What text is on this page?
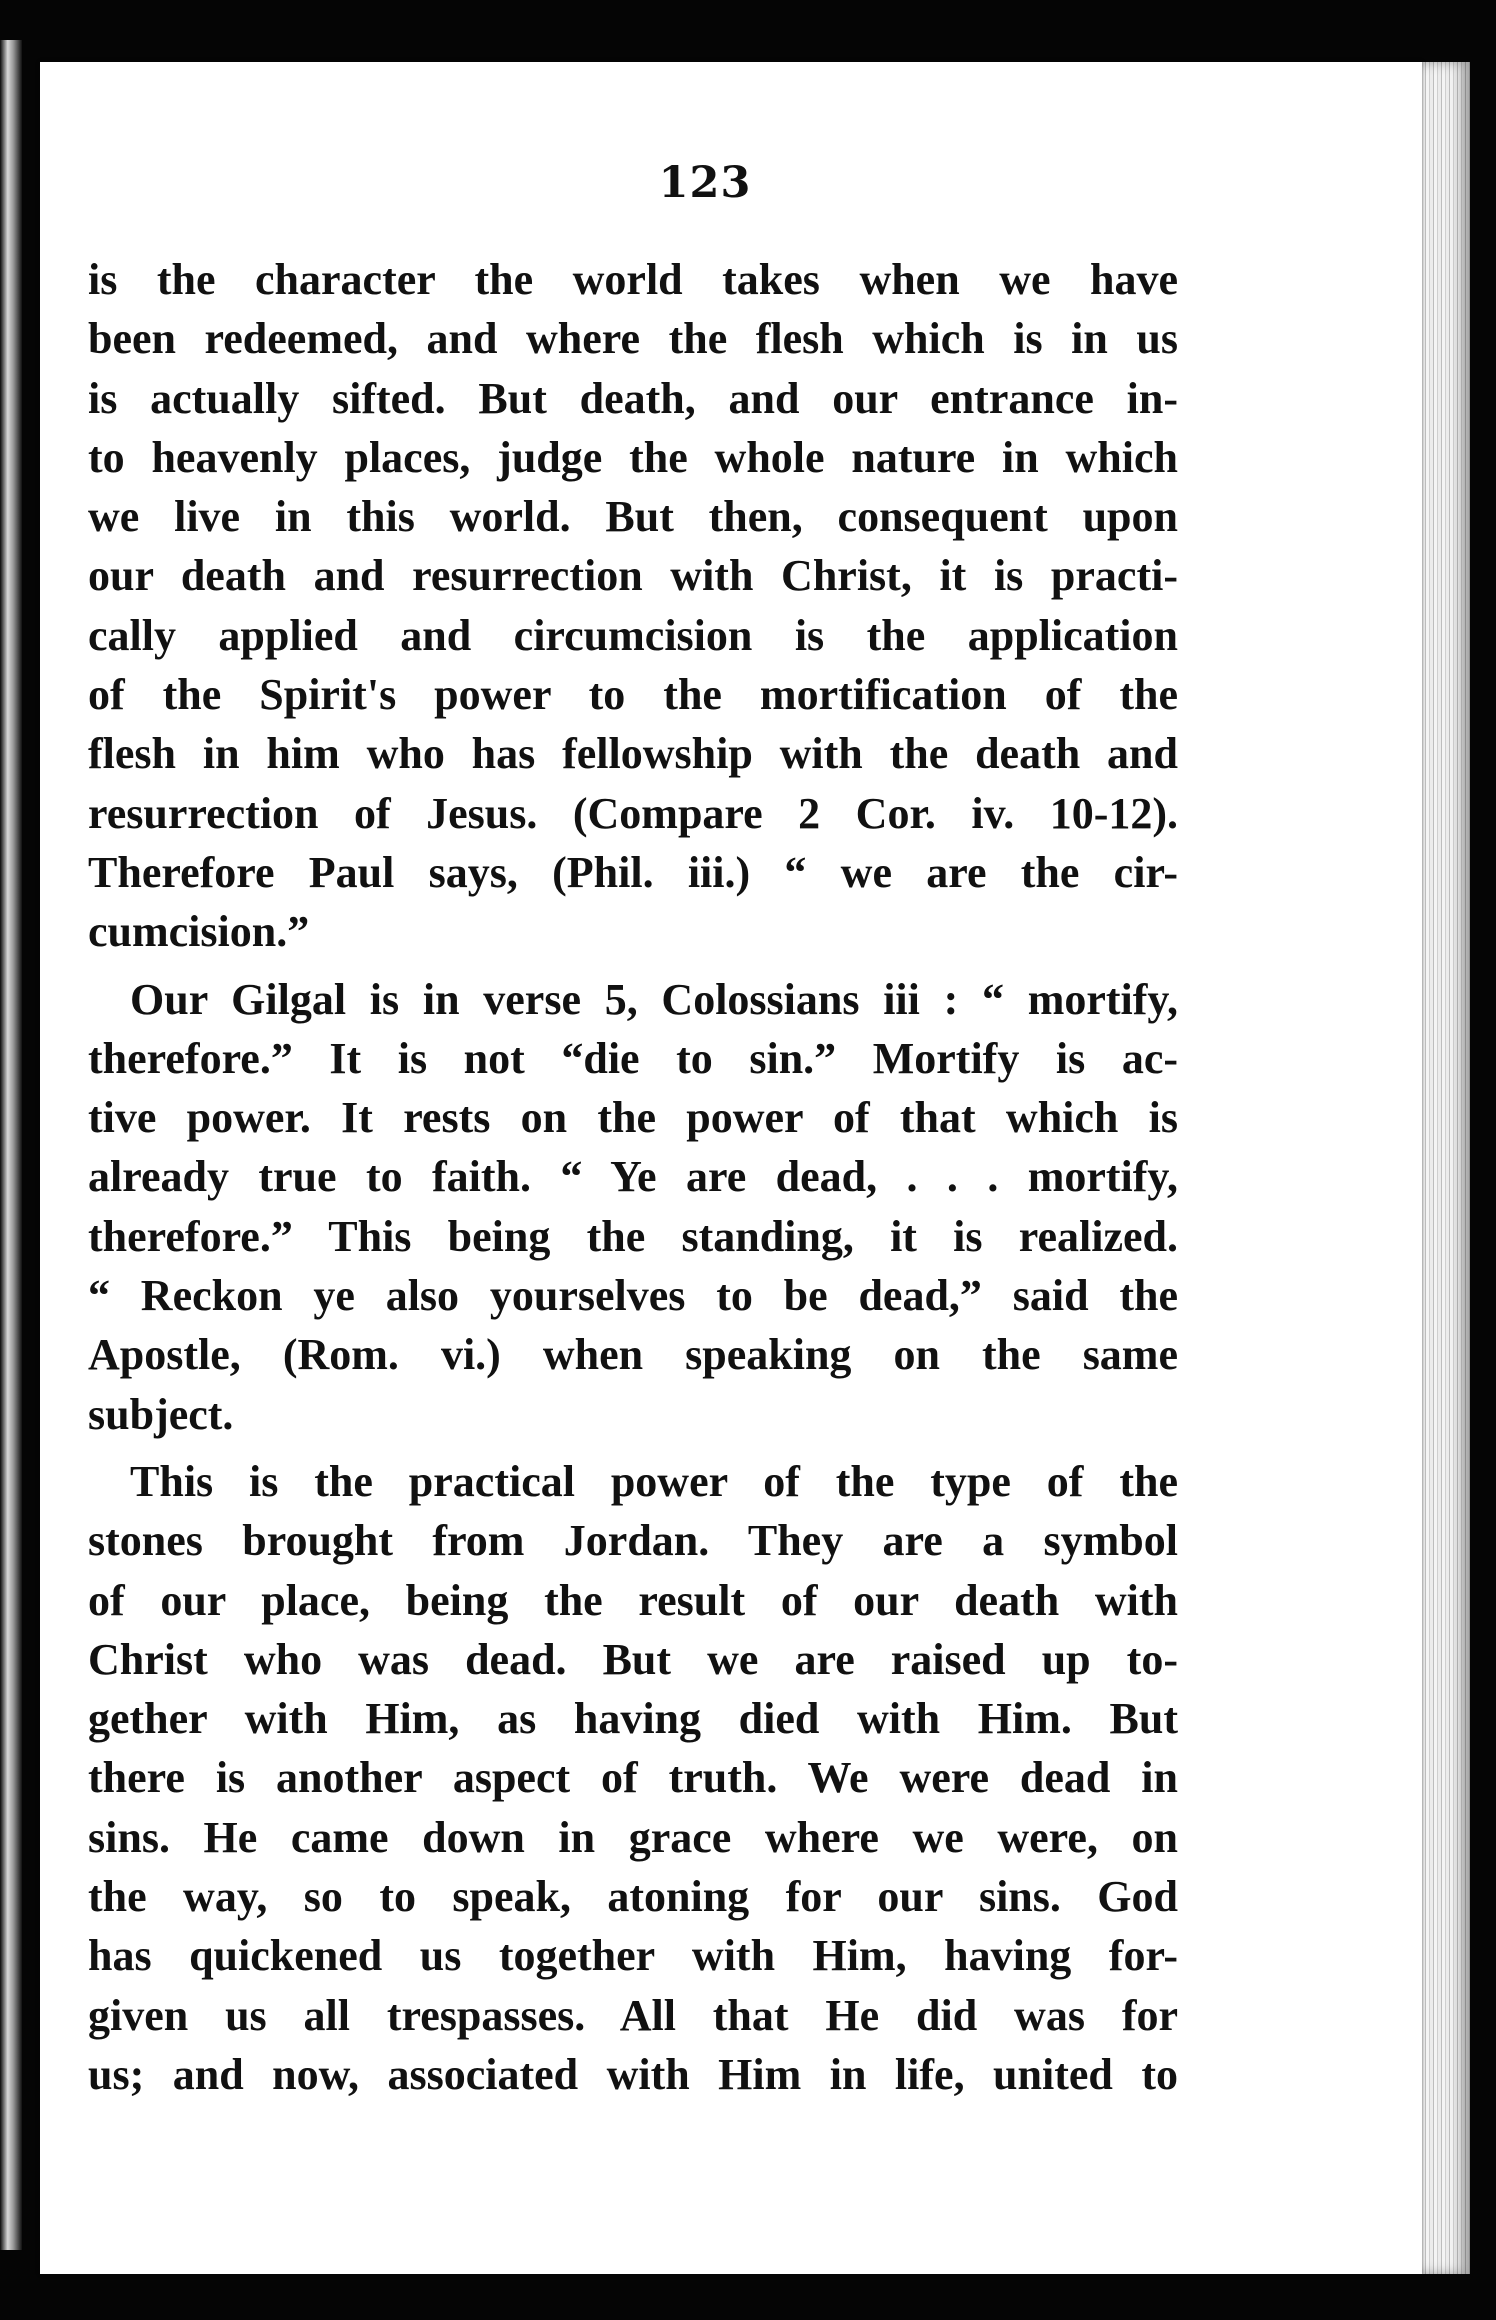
123
is the character the world takes when we have
been redeemed, and where the flesh which is in us
is actually sifted. But death, and our entrance in-
to heavenly places, judge the whole nature in which
we live in this world. But then, consequent upon
our death and resurrection with Christ, it is practi-
cally applied and circumcision is the application
of the Spirit's power to the mortification of the
flesh in him who has fellowship with the death and
resurrection of Jesus. (Compare 2 Cor. iv. 10-12).
Therefore Paul says, (Phil. iii.) “ we are the cir-
cumcision.”
Our Gilgal is in verse 5, Colossians iii : “ mortify,
therefore.” It is not “die to sin.” Mortify is ac-
tive power. It rests on the power of that which is
already true to faith. “ Ye are dead, . . . mortify,
therefore.” This being the standing, it is realized.
“ Reckon ye also yourselves to be dead,” said the
Apostle, (Rom. vi.) when speaking on the same
subject.
This is the practical power of the type of the
stones brought from Jordan. They are a symbol
of our place, being the result of our death with
Christ who was dead. But we are raised up to-
gether with Him, as having died with Him. But
there is another aspect of truth. We were dead in
sins. He came down in grace where we were, on
the way, so to speak, atoning for our sins. God
has quickened us together with Him, having for-
given us all trespasses. All that He did was for
us; and now, associated with Him in life, united to
